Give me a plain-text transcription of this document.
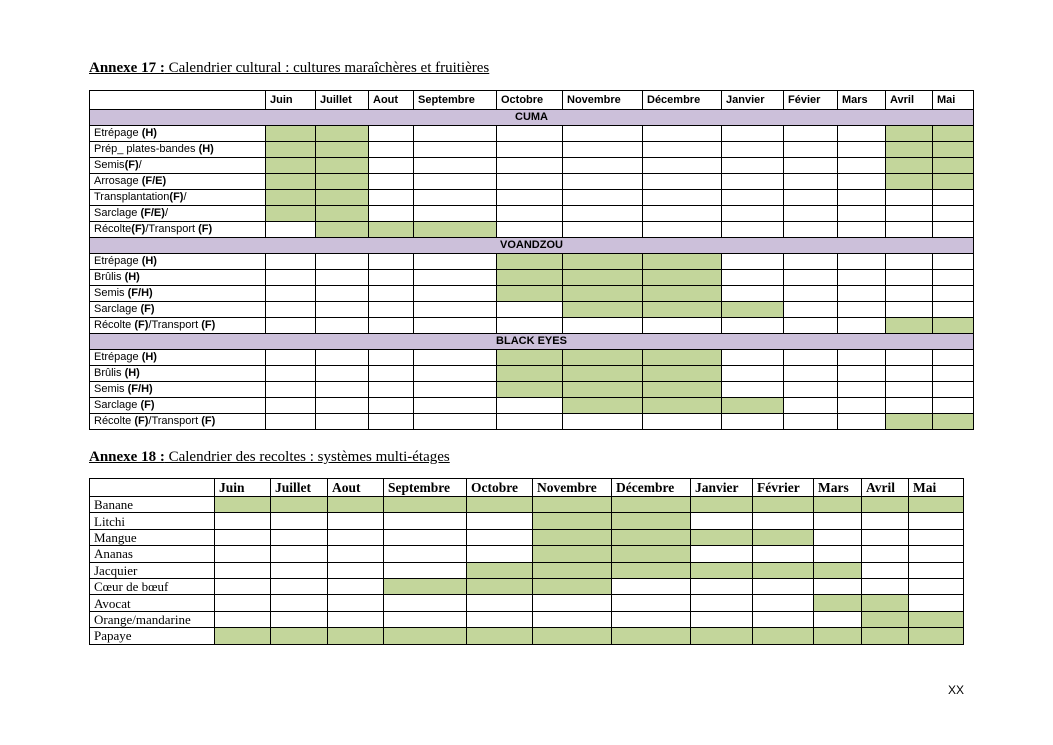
Annexe 17 : Calendrier cultural : cultures maraîchères et fruitières
	Juin	Juillet	Aout	Septembre	Octobre	Novembre	Décembre	Janvier	Févier	Mars	Avril	Mai
CUMA												
Etrépage (H)												
Prép_ plates-bandes (H)												
Semis(F)/												
Arrosage (F/E)												
Transplantation(F)/												
Sarclage (F/E)/												
Récolte(F)/Transport (F)												
VOANDZOU												
Etrépage (H)												
Brûlis (H)												
Semis (F/H)												
Sarclage (F)												
Récolte (F)/Transport (F)												
BLACK EYES												
Etrépage (H)												
Brûlis (H)												
Semis (F/H)												
Sarclage (F)												
Récolte (F)/Transport (F)												
Annexe 18 : Calendrier des recoltes : systèmes multi-étages
	Juin	Juillet	Aout	Septembre	Octobre	Novembre	Décembre	Janvier	Février	Mars	Avril	Mai
Banane												
Litchi												
Mangue												
Ananas												
Jacquier												
Cœur de bœuf												
Avocat												
Orange/mandarine												
Papaye												
XX
